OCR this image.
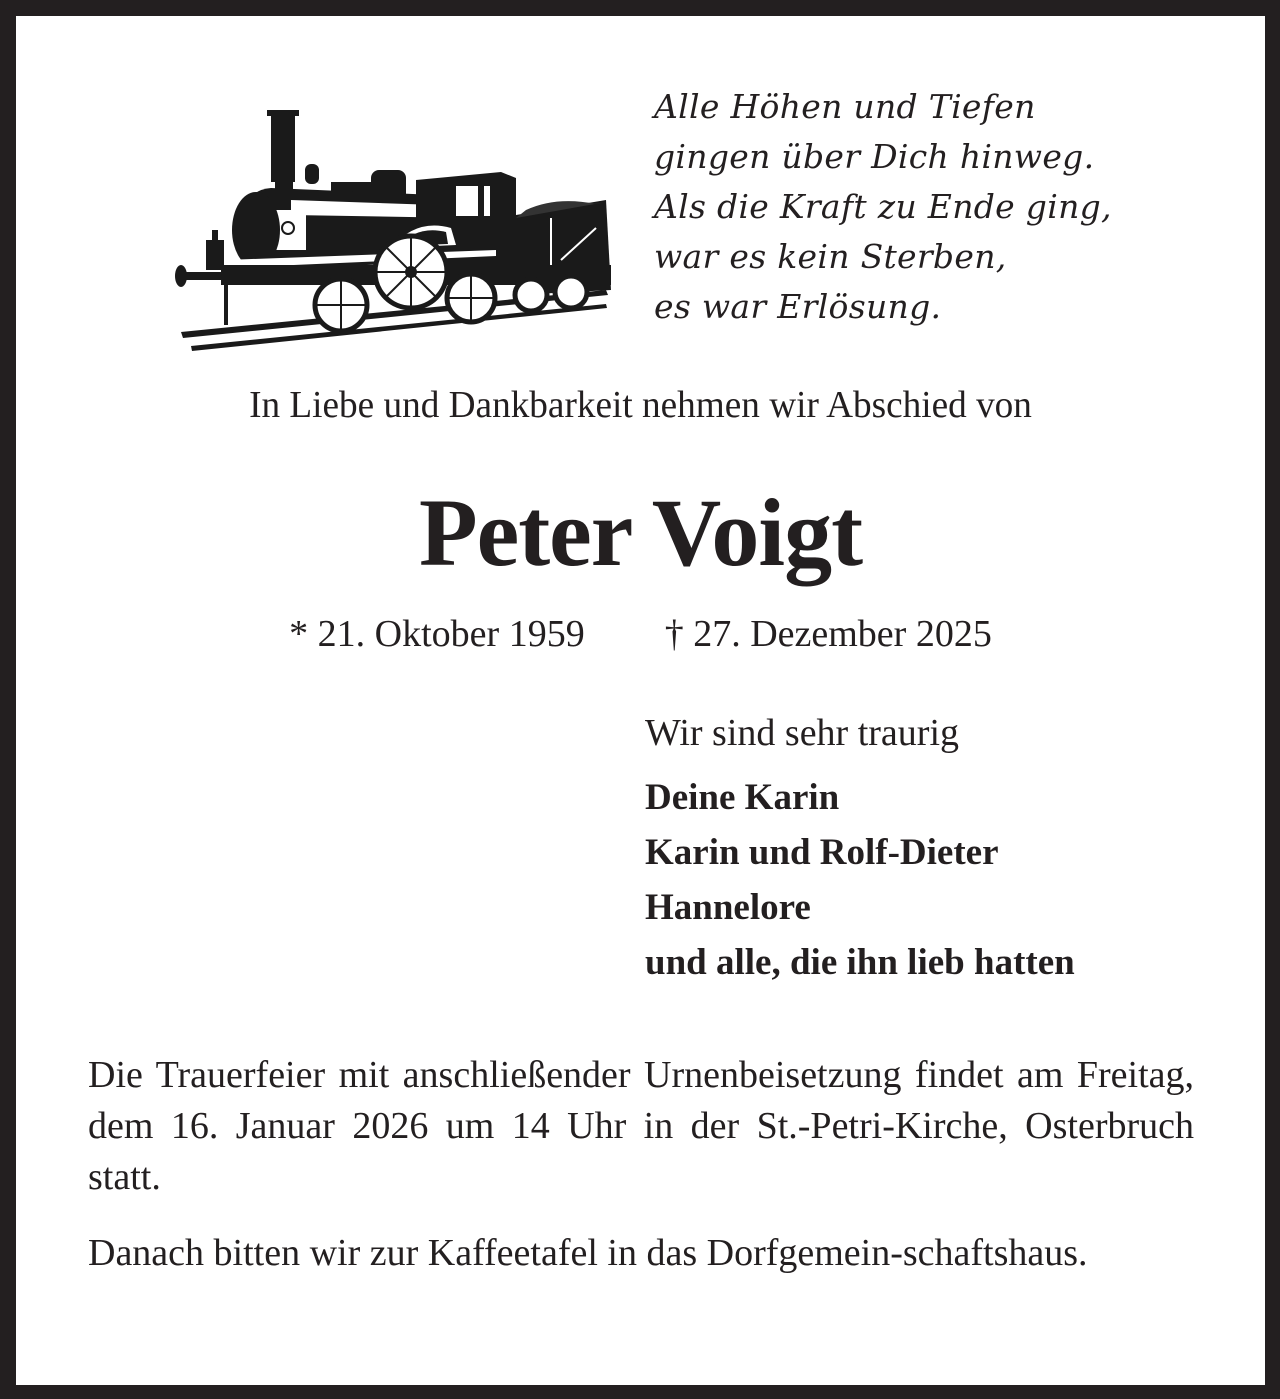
Alle Höhen und Tiefen
gingen über Dich hinweg.
Als die Kraft zu Ende ging,
war es kein Sterben,
es war Erlösung.
In Liebe und Dankbarkeit nehmen wir Abschied von
Peter Voigt
* 21. Oktober 1959 † 27. Dezember 2025
Wir sind sehr traurig
Deine Karin
Karin und Rolf-Dieter
Hannelore
und alle, die ihn lieb hatten

Die Trauerfeier mit anschließender Urnenbeisetzung findet am Freitag, dem 16. Januar 2026 um 14 Uhr in der St.-Petri-Kirche, Osterbruch statt.

Danach bitten wir zur Kaffeetafel in das Dorfgemein-schaftshaus.
